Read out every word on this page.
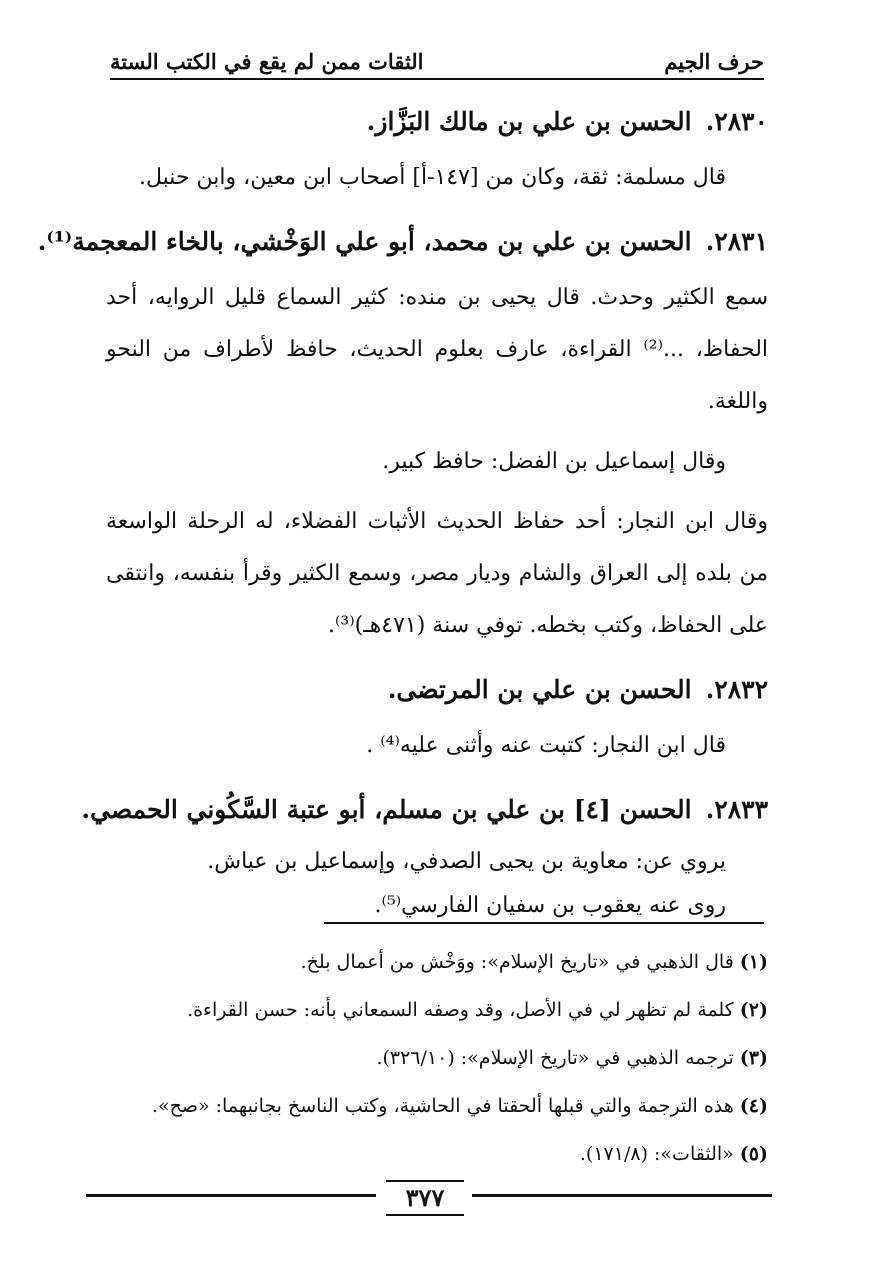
حرف الجيم
الثقات ممن لم يقع في الكتب الستة

٢٨٣٠.الحسن بن علي بن مالك البَزَّاز.

قال مسلمة: ثقة، وكان من [١٤٧-أ] أصحاب ابن معين، وابن حنبل.

٢٨٣١.الحسن بن علي بن محمد، أبو علي الوَخْشي، بالخاء المعجمة⁽¹⁾.

سمع الكثير وحدث. قال يحيى بن منده: كثير السماع قليل الروايه، أحد الحفاظ، ...⁽²⁾ القراءة، عارف بعلوم الحديث، حافظ لأطراف من النحو واللغة.

وقال إسماعيل بن الفضل: حافظ كبير.

وقال ابن النجار: أحد حفاظ الحديث الأثبات الفضلاء، له الرحلة الواسعة من بلده إلى العراق والشام وديار مصر، وسمع الكثير وقرأ بنفسه، وانتقى على الحفاظ، وكتب بخطه. توفي سنة (٤٧١هـ)⁽³⁾.

٢٨٣٢.الحسن بن علي بن المرتضى.

قال ابن النجار: كتبت عنه وأثنى عليه⁽⁴⁾ .

٢٨٣٣.الحسن [٤] بن علي بن مسلم، أبو عتبة السَّكُوني الحمصي.

يروي عن: معاوية بن يحيى الصدفي، وإسماعيل بن عياش.

روى عنه يعقوب بن سفيان الفارسي⁽⁵⁾.

(١)قال الذهبي في «تاريخ الإسلام»: ووَخْش من أعمال بلخ.

(٢)كلمة لم تظهر لي في الأصل، وقد وصفه السمعاني بأنه: حسن القراءة.

(٣)ترجمه الذهبي في «تاريخ الإسلام»: (٣٢٦/١٠).

(٤)هذه الترجمة والتي قبلها ألحقتا في الحاشية، وكتب الناسخ بجانبهما: «صح».

(٥)«الثقات»: (١٧١/٨).

٣٧٧
